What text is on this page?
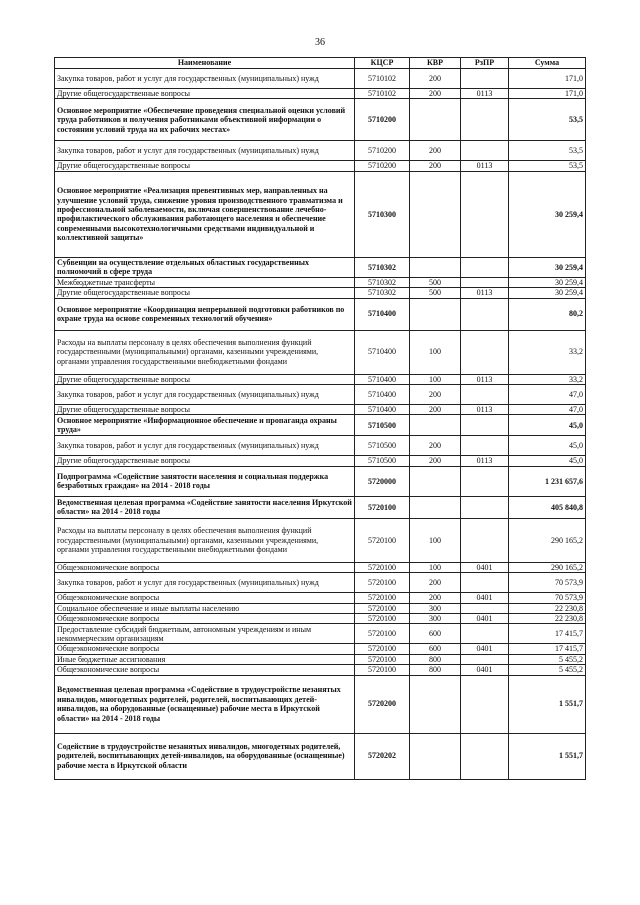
36
Наименование	КЦСР	КВР	РзПР	Сумма
Закупка товаров, работ и услуг для государственных (муниципальных) нужд	5710102	200		171,0
Другие общегосударственные вопросы	5710102	200	0113	171,0
Основное мероприятие «Обеспечение проведения специальной оценки условий труда работников и получения работниками объективной информации о состоянии условий труда на их рабочих местах»	5710200			53,5
Закупка товаров, работ и услуг для государственных (муниципальных) нужд	5710200	200		53,5
Другие общегосударственные вопросы	5710200	200	0113	53,5
Основное мероприятие «Реализация превентивных мер, направленных на улучшение условий труда, снижение уровня производственного травматизма и профессиональной заболеваемости, включая совершенствование лечебно-профилактического обслуживания работающего населения и обеспечение современными высокотехнологичными средствами индивидуальной и коллективной защиты»	5710300			30 259,4
Субвенции на осуществление отдельных областных государственных полномочий в сфере труда	5710302			30 259,4
Межбюджетные трансферты	5710302	500		30 259,4
Другие общегосударственные вопросы	5710302	500	0113	30 259,4
Основное мероприятие «Координация непрерывной подготовки работников по охране труда на основе современных технологий обучения»	5710400			80,2
Расходы на выплаты персоналу в целях обеспечения выполнения функций государственными (муниципальными) органами, казенными учреждениями, органами управления государственными внебюджетными фондами	5710400	100		33,2
Другие общегосударственные вопросы	5710400	100	0113	33,2
Закупка товаров, работ и услуг для государственных (муниципальных) нужд	5710400	200		47,0
Другие общегосударственные вопросы	5710400	200	0113	47,0
Основное мероприятие «Информационное обеспечение и пропаганда охраны труда»	5710500			45,0
Закупка товаров, работ и услуг для государственных (муниципальных) нужд	5710500	200		45,0
Другие общегосударственные вопросы	5710500	200	0113	45,0
Подпрограмма «Содействие занятости населения и социальная поддержка безработных граждан» на 2014 - 2018 годы	5720000			1 231 657,6
Ведомственная целевая программа «Содействие занятости населения Иркутской области» на 2014 - 2018 годы	5720100			405 840,8
Расходы на выплаты персоналу в целях обеспечения выполнения функций государственными (муниципальными) органами, казенными учреждениями, органами управления государственными внебюджетными фондами	5720100	100		290 165,2
Общеэкономические вопросы	5720100	100	0401	290 165,2
Закупка товаров, работ и услуг для государственных (муниципальных) нужд	5720100	200		70 573,9
Общеэкономические вопросы	5720100	200	0401	70 573,9
Социальное обеспечение и иные выплаты населению	5720100	300		22 230,8
Общеэкономические вопросы	5720100	300	0401	22 230,8
Предоставление субсидий бюджетным, автономным учреждениям и иным некоммерческим организациям	5720100	600		17 415,7
Общеэкономические вопросы	5720100	600	0401	17 415,7
Иные бюджетные ассигнования	5720100	800		5 455,2
Общеэкономические вопросы	5720100	800	0401	5 455,2
Ведомственная целевая программа «Содействие в трудоустройстве незанятых инвалидов, многодетных родителей, родителей, воспитывающих детей-инвалидов, на оборудованные (оснащенные) рабочие места в Иркутской области» на 2014 - 2018 годы	5720200			1 551,7
Содействие в трудоустройстве незанятых инвалидов, многодетных родителей, родителей, воспитывающих детей-инвалидов, на оборудованные (оснащенные) рабочие места в Иркутской области	5720202			1 551,7
